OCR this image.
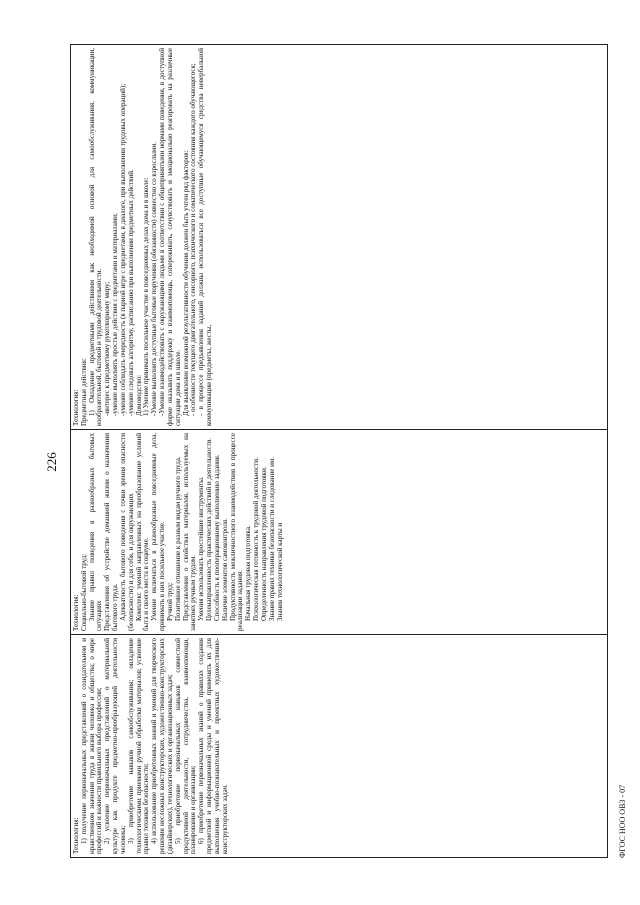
226
Технология: 1) получение первоначальных представлений о созидательном и нравственном значении труда в жизни человека и общества; о мире профессий и важности правильного выбора профессии; 2) усвоение первоначальных представлений о материальной культуре как продукте предметно-преобразующей деятельности человека; 3) приобретение навыков самообслуживания; овладение технологическими приемами ручной обработки материалов; усвоение правил техники безопасности; 4) использование приобретенных знаний и умений для творческого решения несложных конструкторских, художественно-конструкторских (дизайнерских), технологических и организационных задач; 5) приобретение первоначальных навыков совместной продуктивной деятельности, сотрудничества, взаимопомощи, планирования и организации; 6) приобретение первоначальных знаний о правилах создания предметной и информационной среды и умений применять их для выполнения учебно-познавательных и проектных художественно-конструкторских задач.

Технология: Социально-бытовой труд: Знание правил поведения в разнообразных бытовых ситуациях Представления об устройстве домашней жизни о назначении бытового труда. Адекватность бытового поведения с точки зрения опасности (безопасности) и для себя, и для окружающих Комплекс умений направленных на преобразование условий быта и своего места в социуме. Умение включаться в разнообразные повседневные дела, принимать в них посильное участие. Ручной труд: Позитивное отношение к разным видам ручного труда. Представления о свойствах материалов, используемых на занятиях ручным трудом. Умения использовать простейшие инструменты. Целенаправленность практических действий и деятельности. Способность к пооперационному выполнению задания. Наличие элементов самоконтроля. Продуктивность межличностного взаимодействия в процессе реализации задания. Начальная трудовая подготовка. Психологическая готовность к трудовой деятельности. Определенность направления трудовой подготовки. Знание правил техники безопасности и следование им. Знания технологической карты и

Технология: Предметные действия: 1) Овладение предметными действиями как необходимой основой для самообслуживания, коммуникации, изобразительной, бытовой и трудовой деятельности. -интерес к предметному рукотворному миру; -умение выполнять простые действия с предметами и материалами; -умение соблюдать очередность (в парной игре с предметами, в диалоге, при выполнении трудовых операций); -умение следовать алгоритму, расписанию при выполнении предметных действий. Домоводство: 1) Умение принимать посильное участие в повседневных делах дома и в школе: -Умение выполнять доступные бытовые поручения (обязанности) совместно со взрослыми. -Умение взаимодействовать с окружающими людьми в соответствии с общепринятыми нормами поведения, в доступной форме оказывать поддержку и взаимопомощь, сопереживать, сочувствовать и эмоционально реагировать на различные ситуации дома и в школе. Для выявления возможной результативности обучения должен быть учтен ряд факторов: - особенности текущего двигательного, сенсорного, психического и соматического состояния каждого обучающегося; - в процессе предъявления заданий должны использоваться все доступные обучающемуся средства невербальной коммуникации (предметы, жесты,
ФГОС НОО ОВЗ - 07
